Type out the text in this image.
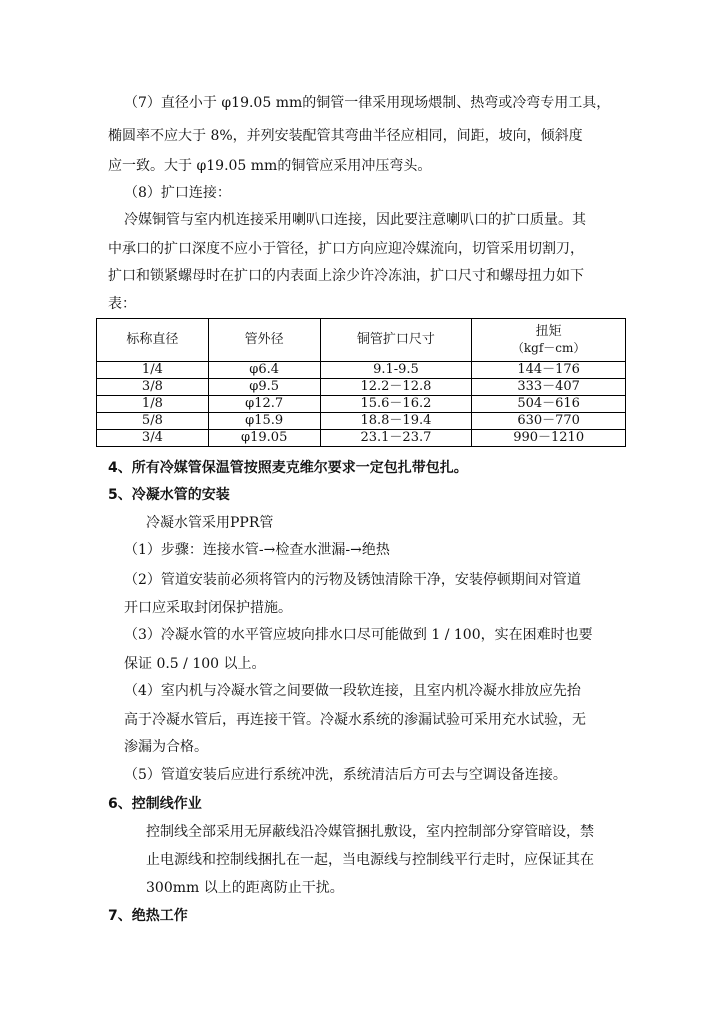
（7）直径小于 φ19.05 mm的铜管一律采用现场煨制、热弯或冷弯专用工具，
椭圆率不应大于 8%，并列安装配管其弯曲半径应相同，间距，坡向，倾斜度
应一致。大于 φ19.05 mm的铜管应采用冲压弯头。
（8）扩口连接：
冷媒铜管与室内机连接采用喇叭口连接，因此要注意喇叭口的扩口质量。其
中承口的扩口深度不应小于管径，扩口方向应迎冷媒流向，切管采用切割刀，
扩口和锁紧螺母时在扩口的内表面上涂少许冷冻油，扩口尺寸和螺母扭力如下
表：
标称直径	管外径	铜管扩口尺寸	扭矩
（kgf－cm）

1/4	φ6.4	9.1-9.5	144－176
3/8	φ9.5	12.2－12.8	333－407
1/8	φ12.7	15.6－16.2	504－616
5/8	φ15.9	18.8－19.4	630－770
3/4	φ19.05	23.1－23.7	990－1210
4、所有冷媒管保温管按照麦克维尔要求一定包扎带包扎。
5、冷凝水管的安装
冷凝水管采用PPR管
（1）步骤：连接水管-→检查水泄漏-→绝热
（2）管道安装前必须将管内的污物及锈蚀清除干净，安装停顿期间对管道
开口应采取封闭保护措施。
（3）冷凝水管的水平管应坡向排水口尽可能做到 1 / 100，实在困难时也要
保证 0.5 / 100 以上。
（4）室内机与冷凝水管之间要做一段软连接，且室内机冷凝水排放应先抬
高于冷凝水管后，再连接干管。冷凝水系统的渗漏试验可采用充水试验，无
渗漏为合格。
（5）管道安装后应进行系统冲洗，系统清洁后方可去与空调设备连接。
6、控制线作业
控制线全部采用无屏蔽线沿冷媒管捆扎敷设，室内控制部分穿管暗设，禁
止电源线和控制线捆扎在一起，当电源线与控制线平行走时，应保证其在
300mm 以上的距离防止干扰。
7、绝热工作
